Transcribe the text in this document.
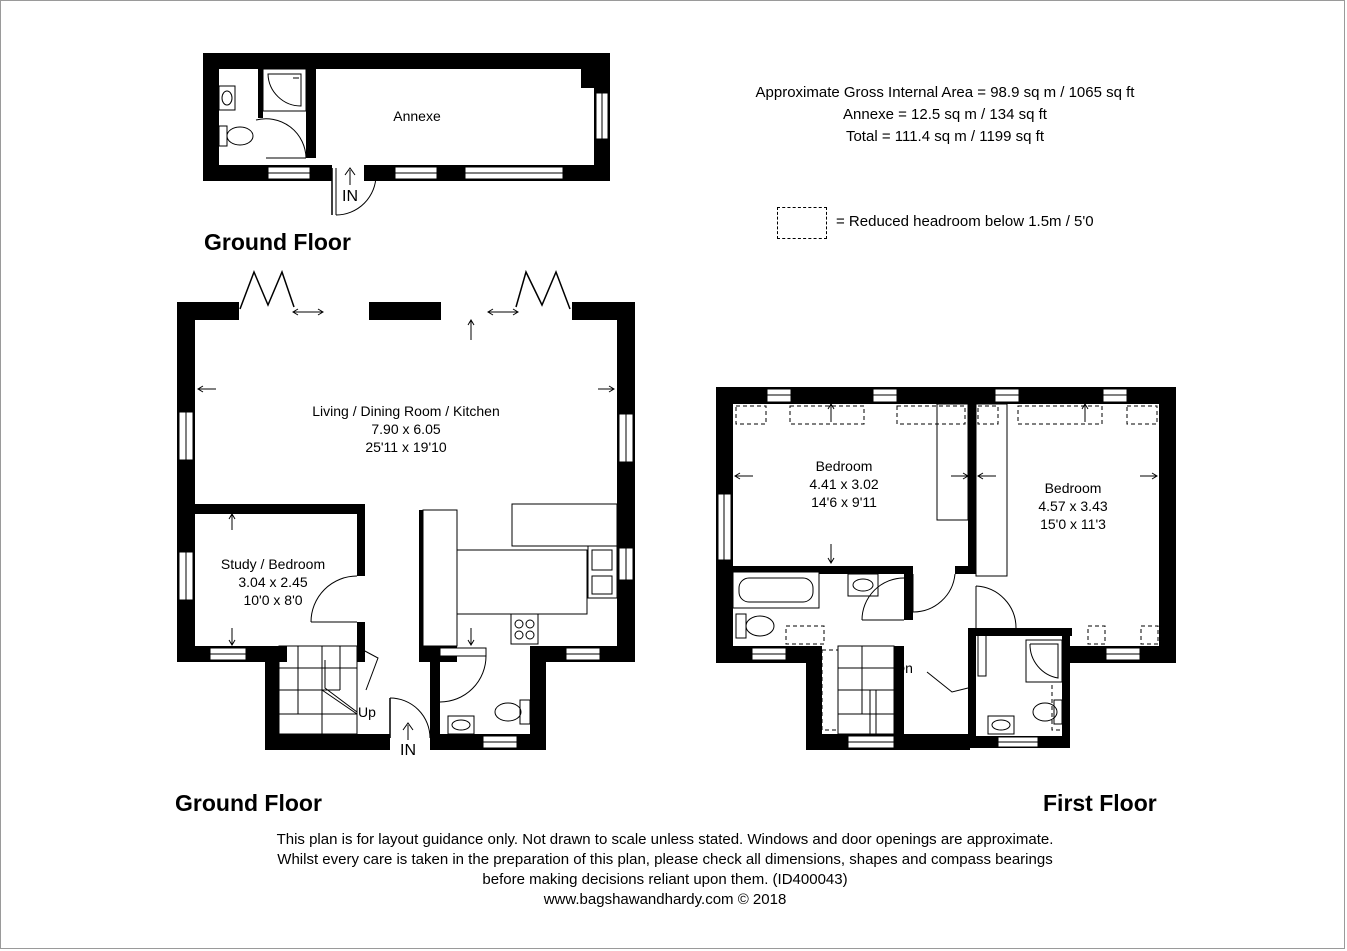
Annexe
IN
Ground Floor
Living / Dining Room / Kitchen
7.90 x 6.05
25'11 x 19'10
Study / Bedroom
3.04 x 2.45
10'0 x 8'0
Up
IN
Ground Floor
Bedroom
4.41 x 3.02
14'6 x 9'11
Bedroom
4.57 x 3.43
15'0 x 11'3
Dn
First Floor
Approximate Gross Internal Area = 98.9 sq m / 1065 sq ft
Annexe = 12.5 sq m / 134 sq ft
Total = 111.4 sq m / 1199 sq ft
= Reduced headroom below 1.5m / 5'0
This plan is for layout guidance only. Not drawn to scale unless stated. Windows and door openings are approximate.
Whilst every care is taken in the preparation of this plan, please check all dimensions, shapes and compass bearings
before making decisions reliant upon them. (ID400043)
www.bagshawandhardy.com © 2018
